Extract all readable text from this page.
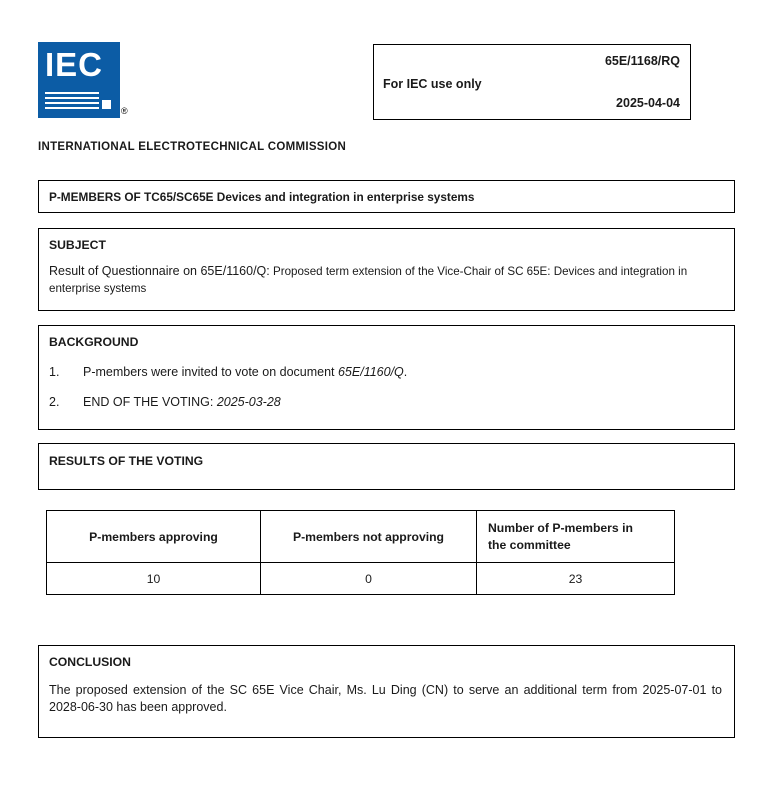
IEC
®
For IEC use only
65E/1168/RQ
2025-04-04
INTERNATIONAL ELECTROTECHNICAL COMMISSION
P-MEMBERS OF TC65/SC65E Devices and integration in enterprise systems
SUBJECT
Result of Questionnaire on 65E/1160/Q: Proposed term extension of the Vice-Chair of SC 65E: Devices and integration in enterprise systems
BACKGROUND
1.	P-members were invited to vote on document 65E/1160/Q.
2.	END OF THE VOTING: 2025-03-28
RESULTS OF THE VOTING
P-members approving	P-members not approving	Number of P-members in the committee
10	0	23
CONCLUSION
The proposed extension of the SC 65E Vice Chair, Ms. Lu Ding (CN) to serve an additional term from 2025-07-01 to 2028-06-30 has been approved.
